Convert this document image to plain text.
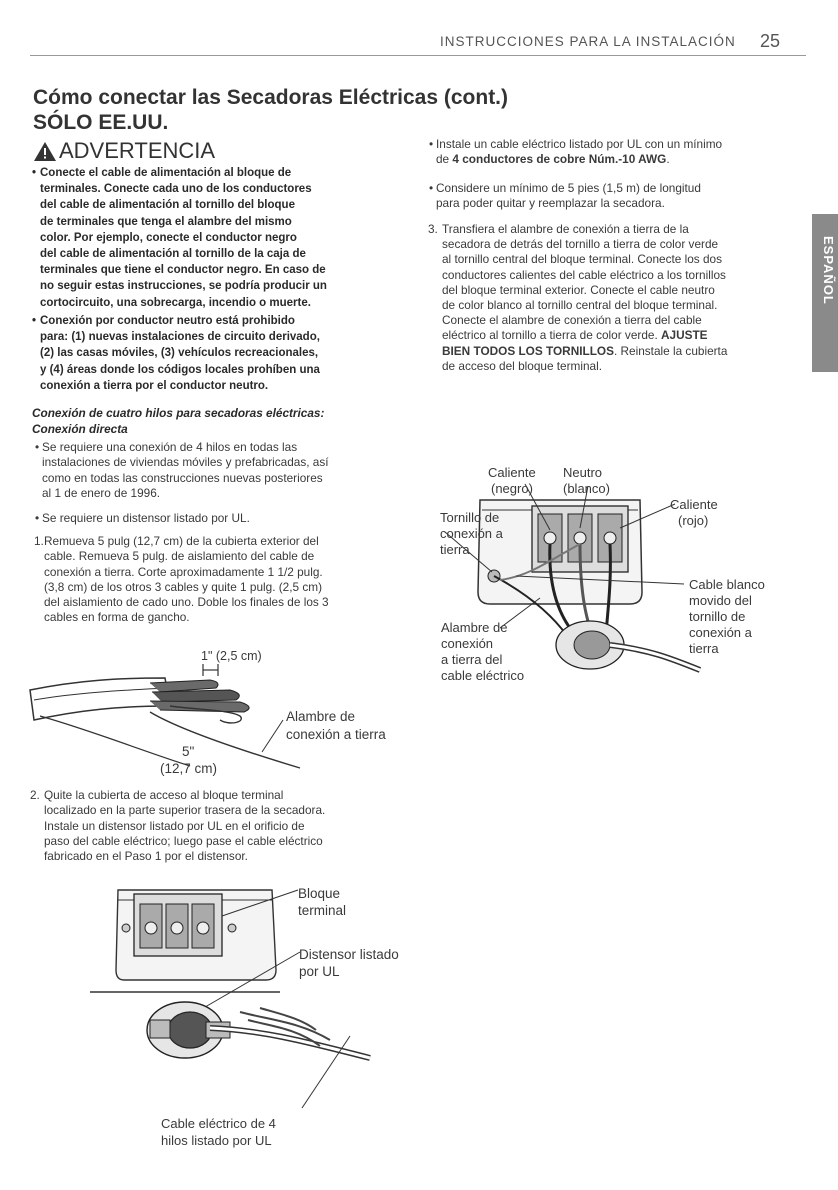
INSTRUCCIONES PARA LA INSTALACIÓN 25
Cómo conectar las Secadoras Eléctricas (cont.)
SÓLO EE.UU.
ADVERTENCIA
• Conecte el cable de alimentación al bloque de
terminales. Conecte cada uno de los conductores
del cable de alimentación al tornillo del bloque
de terminales que tenga el alambre del mismo
color. Por ejemplo, conecte el conductor negro
del cable de alimentación al tornillo de la caja de
terminales que tiene el conductor negro. En caso de
no seguir estas instrucciones, se podría producir un
cortocircuito, una sobrecarga, incendio o muerte.
• Conexión por conductor neutro está prohibido
para: (1) nuevas instalaciones de circuito derivado,
(2) las casas móviles, (3) vehículos recreacionales,
y (4) áreas donde los códigos locales prohíben una
conexión a tierra por el conductor neutro.
Conexión de cuatro hilos para secadoras eléctricas:
Conexión directa
• Se requiere una conexión de 4 hilos en todas las
instalaciones de viviendas móviles y prefabricadas, así
como en todas las construcciones nuevas posteriores
al 1 de enero de 1996.
• Se requiere un distensor listado por UL.
1. Remueva 5 pulg (12,7 cm) de la cubierta exterior del
cable. Remueva 5 pulg. de aislamiento del cable de
conexión a tierra. Corte aproximadamente 1 1/2 pulg.
(3,8 cm) de los otros 3 cables y quite 1 pulg. (2,5 cm)
del aislamiento de cado uno. Doble los finales de los 3
cables en forma de gancho.
1" (2,5 cm)
Alambre de
conexión a tierra
5"
(12,7 cm)
2. Quite la cubierta de acceso al bloque terminal
localizado en la parte superior trasera de la secadora.
Instale un distensor listado por UL en el orificio de
paso del cable eléctrico; luego pase el cable eléctrico
fabricado en el Paso 1 por el distensor.
Bloque
terminal
Distensor listado
por UL
Cable eléctrico de 4
hilos listado por UL
• Instale un cable eléctrico listado por UL con un mínimo
de 4 conductores de cobre Núm.-10 AWG.
• Considere un mínimo de 5 pies (1,5 m) de longitud
para poder quitar y reemplazar la secadora.
3. Transfiera el alambre de conexión a tierra de la
secadora de detrás del tornillo a tierra de color verde
al tornillo central del bloque terminal. Conecte los dos
conductores calientes del cable eléctrico a los tornillos
del bloque terminal exterior. Conecte el cable neutro
de color blanco al tornillo central del bloque terminal.
Conecte el alambre de conexión a tierra del cable
eléctrico al tornillo a tierra de color verde. AJUSTE
BIEN TODOS LOS TORNILLOS. Reinstale la cubierta
de acceso del bloque terminal.
Caliente
(negro)
Neutro
(blanco)
Caliente
(rojo)
Tornillo de
conexión a
tierra
Cable blanco
movido del
tornillo de
conexión a
tierra
Alambre de
conexión
a tierra del
cable eléctrico
ESPAÑOL
